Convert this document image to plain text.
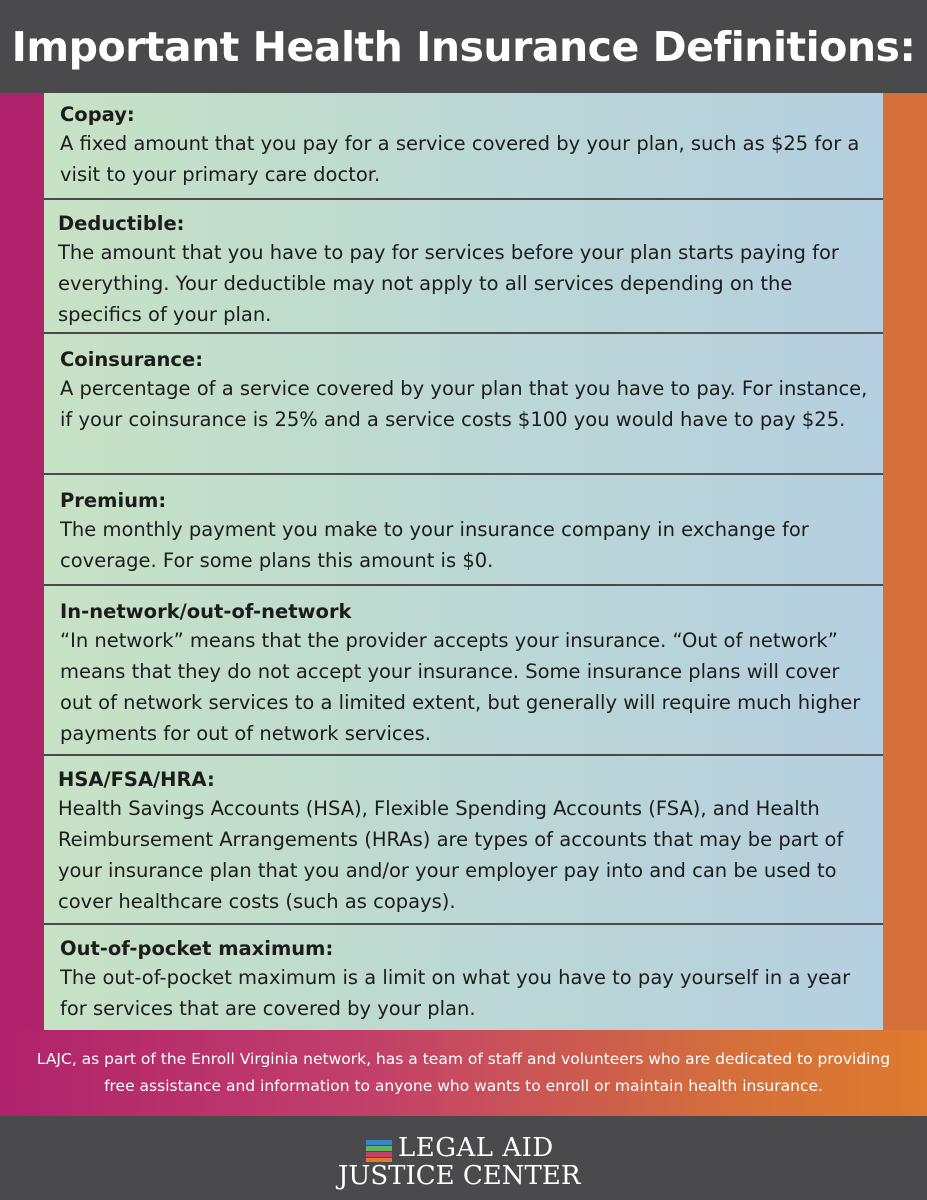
Important Health Insurance Definitions:

Copay:

A fixed amount that you pay for a service covered by your plan, such as $25 for a visit to your primary care doctor.

Deductible:

The amount that you have to pay for services before your plan starts paying for everything. Your deductible may not apply to all services depending on the specifics of your plan.

Coinsurance:

A percentage of a service covered by your plan that you have to pay. For instance, if your coinsurance is 25% and a service costs $100 you would have to pay $25.

Premium:

The monthly payment you make to your insurance company in exchange for coverage. For some plans this amount is $0.

In-network/out-of-network

“In network” means that the provider accepts your insurance. “Out of network” means that they do not accept your insurance. Some insurance plans will cover out of network services to a limited extent, but generally will require much higher payments for out of network services.

HSA/FSA/HRA:

Health Savings Accounts (HSA), Flexible Spending Accounts (FSA), and Health Reimbursement Arrangements (HRAs) are types of accounts that may be part of your insurance plan that you and/or your employer pay into and can be used to cover healthcare costs (such as copays).

Out-of-pocket maximum:

The out-of-pocket maximum is a limit on what you have to pay yourself in a year for services that are covered by your plan.

LAJC, as part of the Enroll Virginia network, has a team of staff and volunteers who are dedicated to providing free assistance and information to anyone who wants to enroll or maintain health insurance.

LEGAL AID
JUSTICE CENTER
